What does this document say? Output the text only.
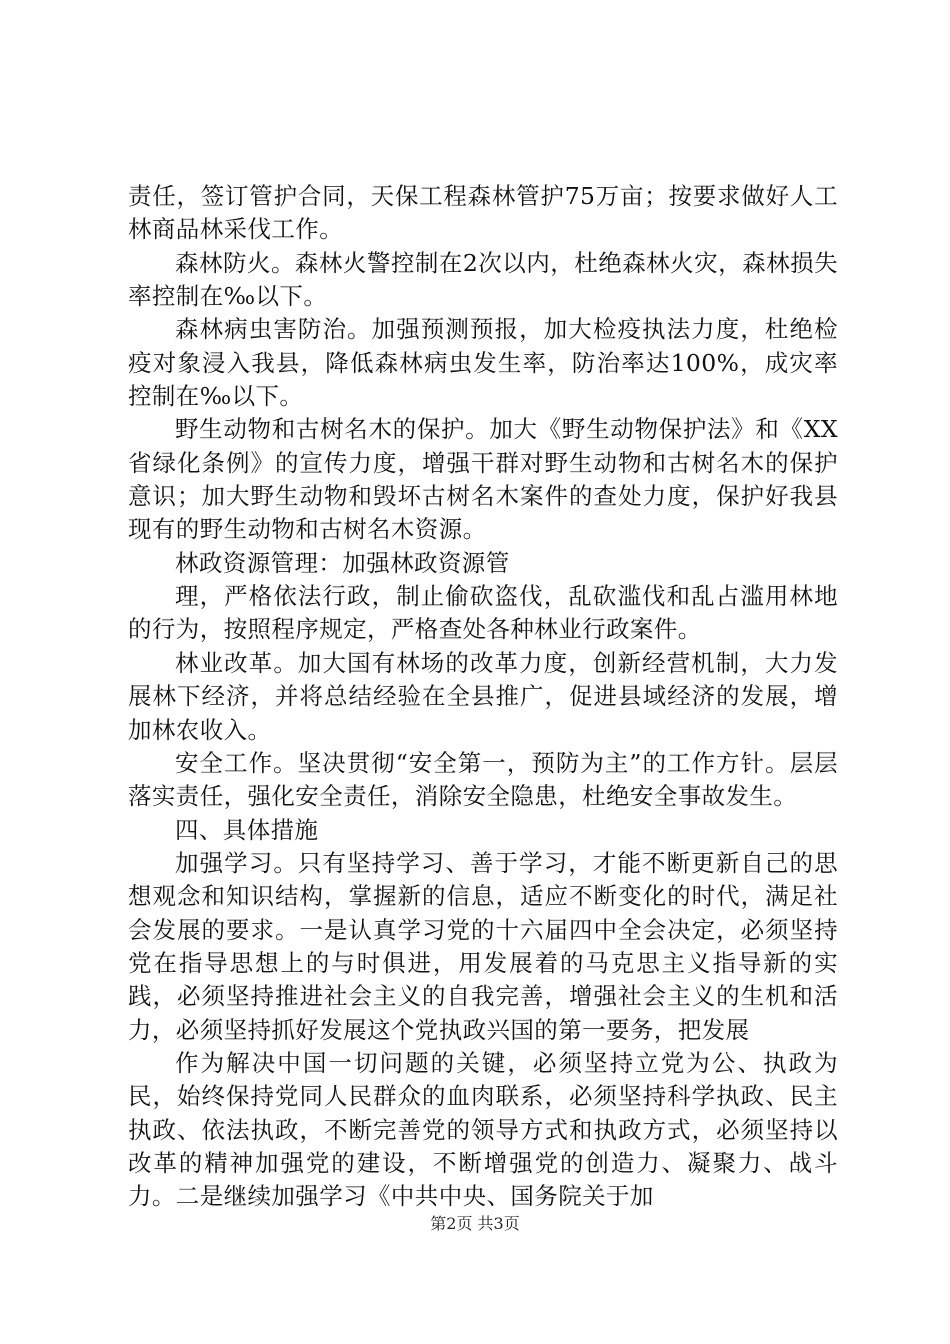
责任，签订管护合同，天保工程森林管护75万亩；按要求做好人工林商品林采伐工作。

森林防火。森林火警控制在2次以内，杜绝森林火灾，森林损失率控制在‰以下。

森林病虫害防治。加强预测预报，加大检疫执法力度，杜绝检疫对象浸入我县，降低森林病虫发生率，防治率达100%，成灾率控制在‰以下。

野生动物和古树名木的保护。加大《野生动物保护法》和《XX省绿化条例》的宣传力度，增强干群对野生动物和古树名木的保护意识；加大野生动物和毁坏古树名木案件的查处力度，保护好我县现有的野生动物和古树名木资源。

林政资源管理：加强林政资源管

理，严格依法行政，制止偷砍盗伐，乱砍滥伐和乱占滥用林地的行为，按照程序规定，严格查处各种林业行政案件。

林业改革。加大国有林场的改革力度，创新经营机制，大力发展林下经济，并将总结经验在全县推广，促进县域经济的发展，增加林农收入。

安全工作。坚决贯彻“安全第一，预防为主”的工作方针。层层落实责任，强化安全责任，消除安全隐患，杜绝安全事故发生。

四、具体措施

加强学习。只有坚持学习、善于学习，才能不断更新自己的思想观念和知识结构，掌握新的信息，适应不断变化的时代，满足社会发展的要求。一是认真学习党的十六届四中全会决定，必须坚持党在指导思想上的与时俱进，用发展着的马克思主义指导新的实践，必须坚持推进社会主义的自我完善，增强社会主义的生机和活力，必须坚持抓好发展这个党执政兴国的第一要务，把发展

作为解决中国一切问题的关键，必须坚持立党为公、执政为民，始终保持党同人民群众的血肉联系，必须坚持科学执政、民主执政、依法执政，不断完善党的领导方式和执政方式，必须坚持以改革的精神加强党的建设，不断增强党的创造力、凝聚力、战斗力。二是继续加强学习《中共中央、国务院关于加

第2页 共3页
